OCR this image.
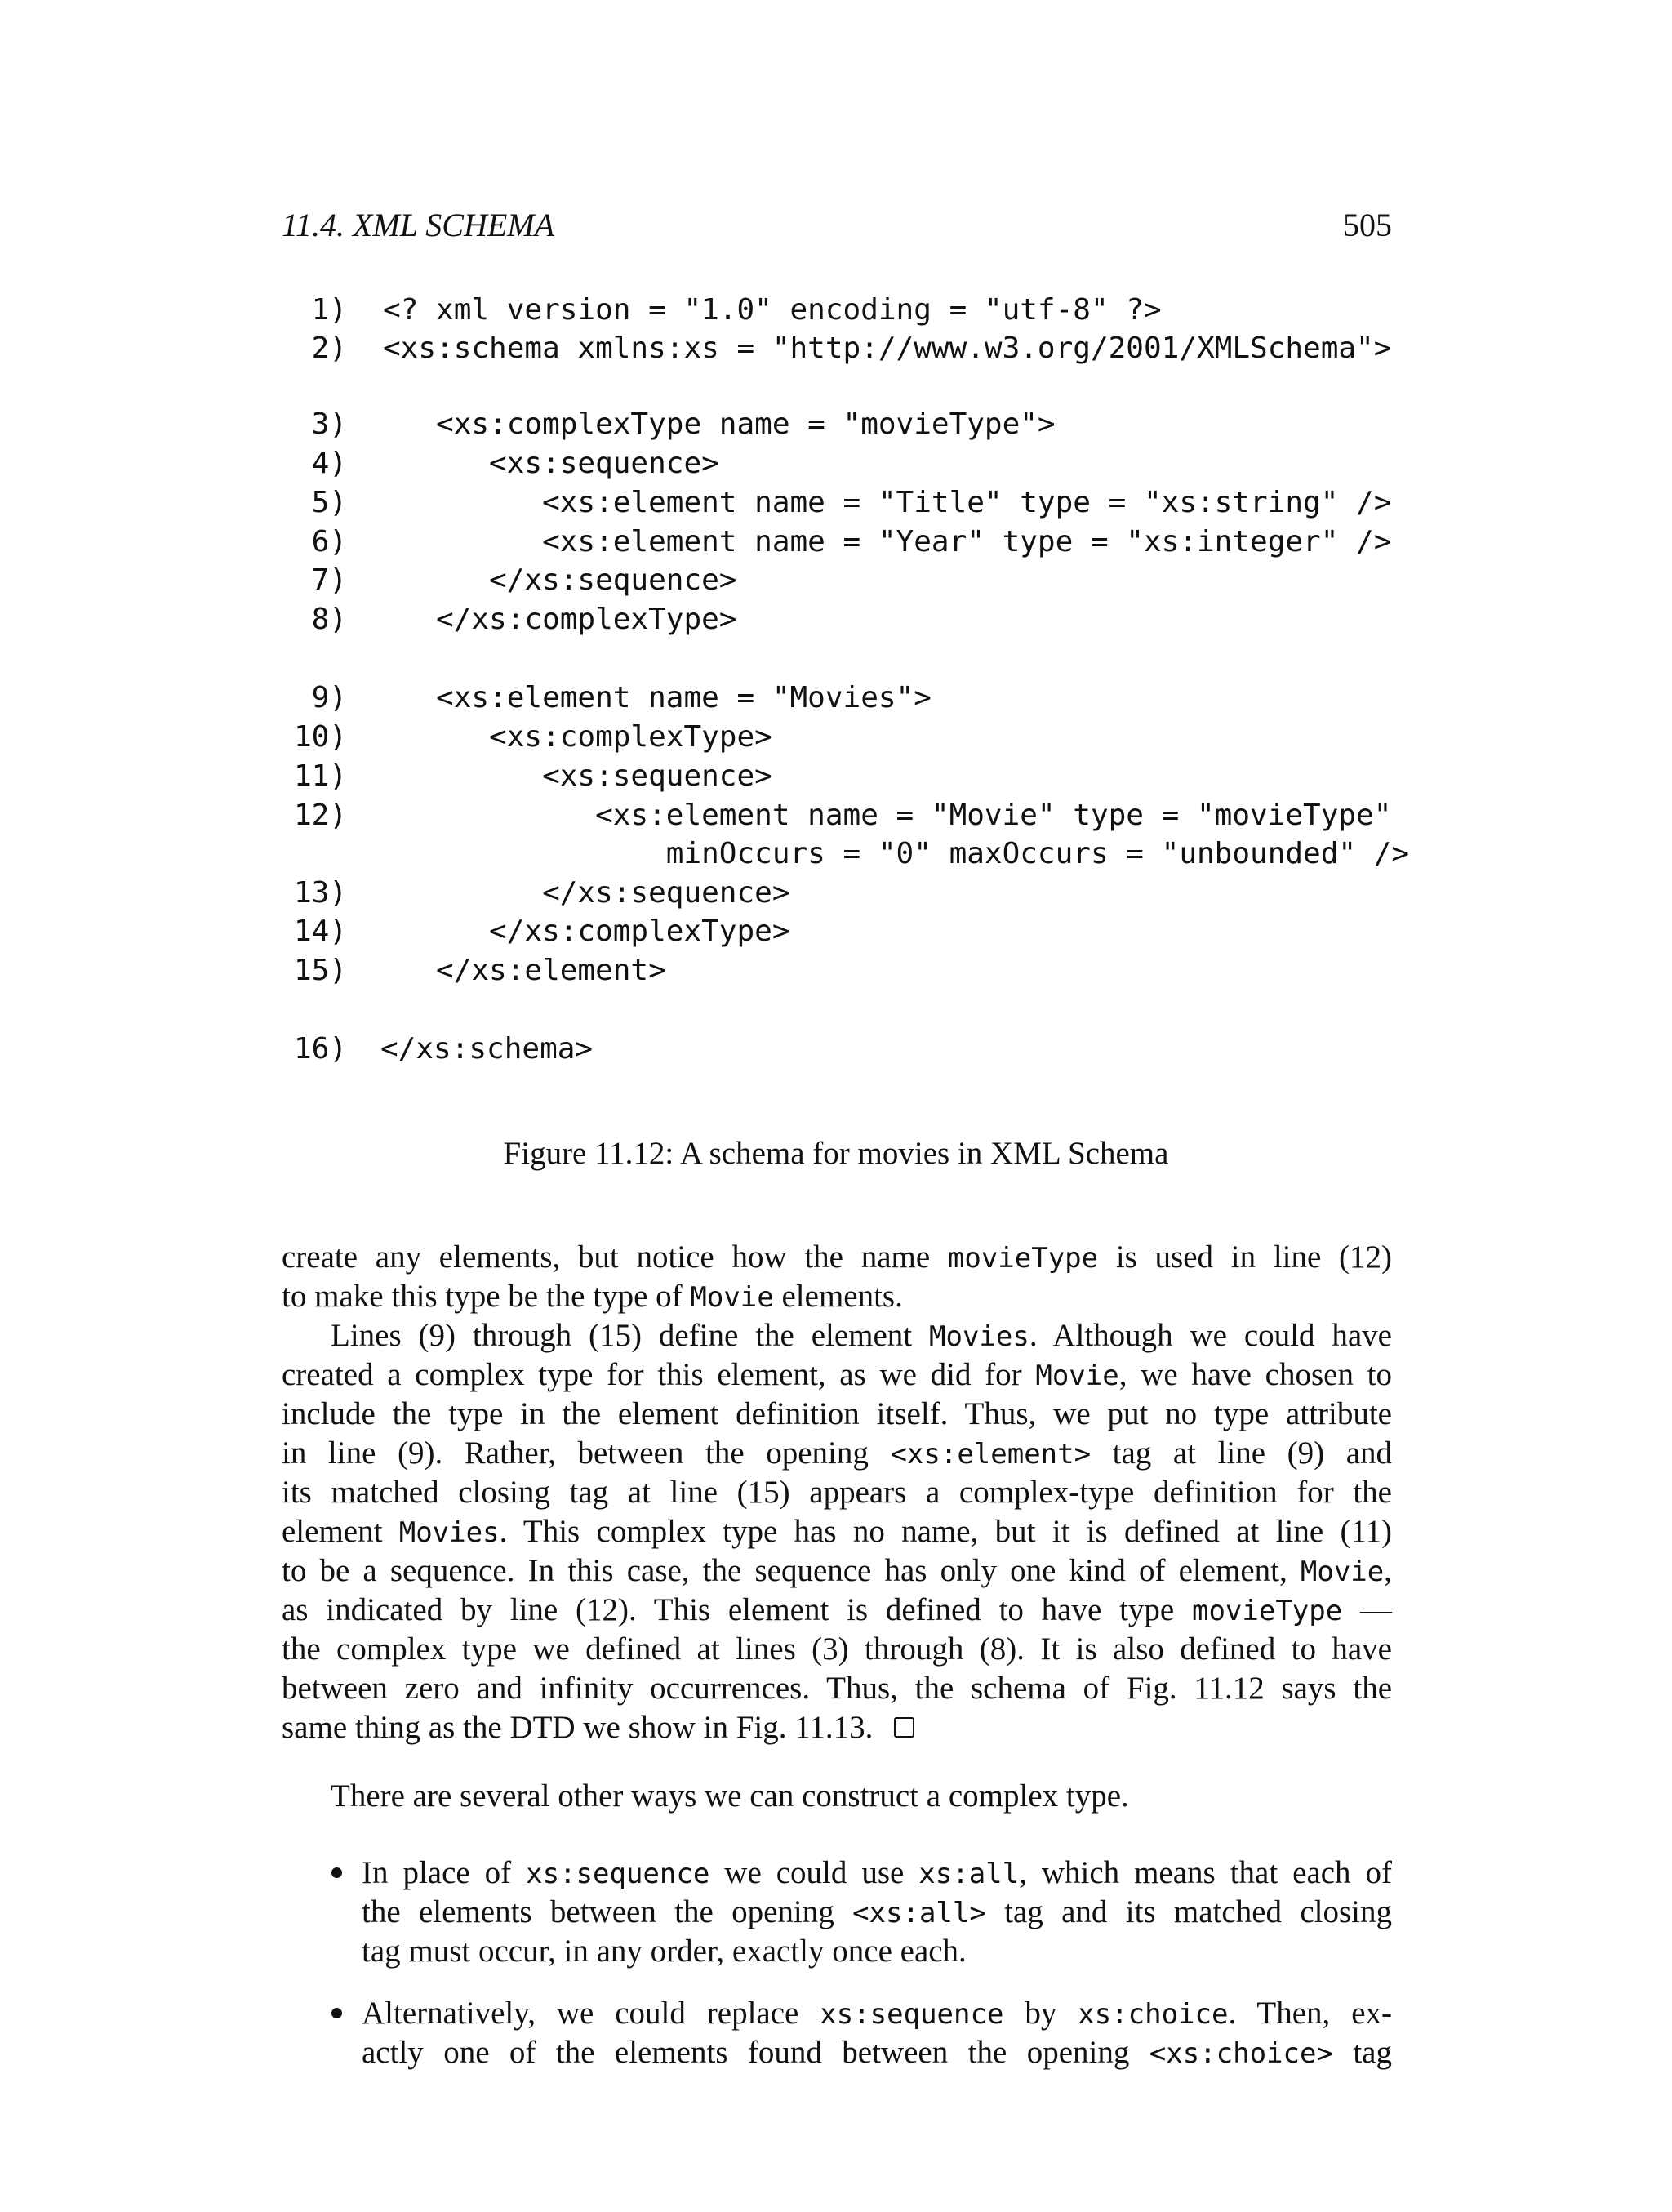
11.4. XML SCHEMA	505
1) <? xml version = "1.0" encoding = "utf-8" ?>
2) <xs:schema xmlns:xs = "http://www.w3.org/2001/XMLSchema">
3) <xs:complexType name = "movieType">
4) <xs:sequence>
5) <xs:element name = "Title" type = "xs:string" />
6) <xs:element name = "Year" type = "xs:integer" />
7) </xs:sequence>
8) </xs:complexType>
9) <xs:element name = "Movies">
10) <xs:complexType>
11) <xs:sequence>
12) <xs:element name = "Movie" type = "movieType"
minOccurs = "0" maxOccurs = "unbounded" />
13) </xs:sequence>
14) </xs:complexType>
15) </xs:element>
16) </xs:schema>
Figure 11.12: A schema for movies in XML Schema
create any elements, but notice how the name movieType is used in line (12)
to make this type be the type of Movie elements.
Lines (9) through (15) define the element Movies. Although we could have
created a complex type for this element, as we did for Movie, we have chosen to
include the type in the element definition itself. Thus, we put no type attribute
in line (9). Rather, between the opening <xs:element> tag at line (9) and
its matched closing tag at line (15) appears a complex-type definition for the
element Movies. This complex type has no name, but it is defined at line (11)
to be a sequence. In this case, the sequence has only one kind of element, Movie,
as indicated by line (12). This element is defined to have type movieType —
the complex type we defined at lines (3) through (8). It is also defined to have
between zero and infinity occurrences. Thus, the schema of Fig. 11.12 says the
same thing as the DTD we show in Fig. 11.13.
There are several other ways we can construct a complex type.
In place of xs:sequence we could use xs:all, which means that each of
the elements between the opening <xs:all> tag and its matched closing
tag must occur, in any order, exactly once each.
Alternatively, we could replace xs:sequence by xs:choice. Then, ex-
actly one of the elements found between the opening <xs:choice> tag
